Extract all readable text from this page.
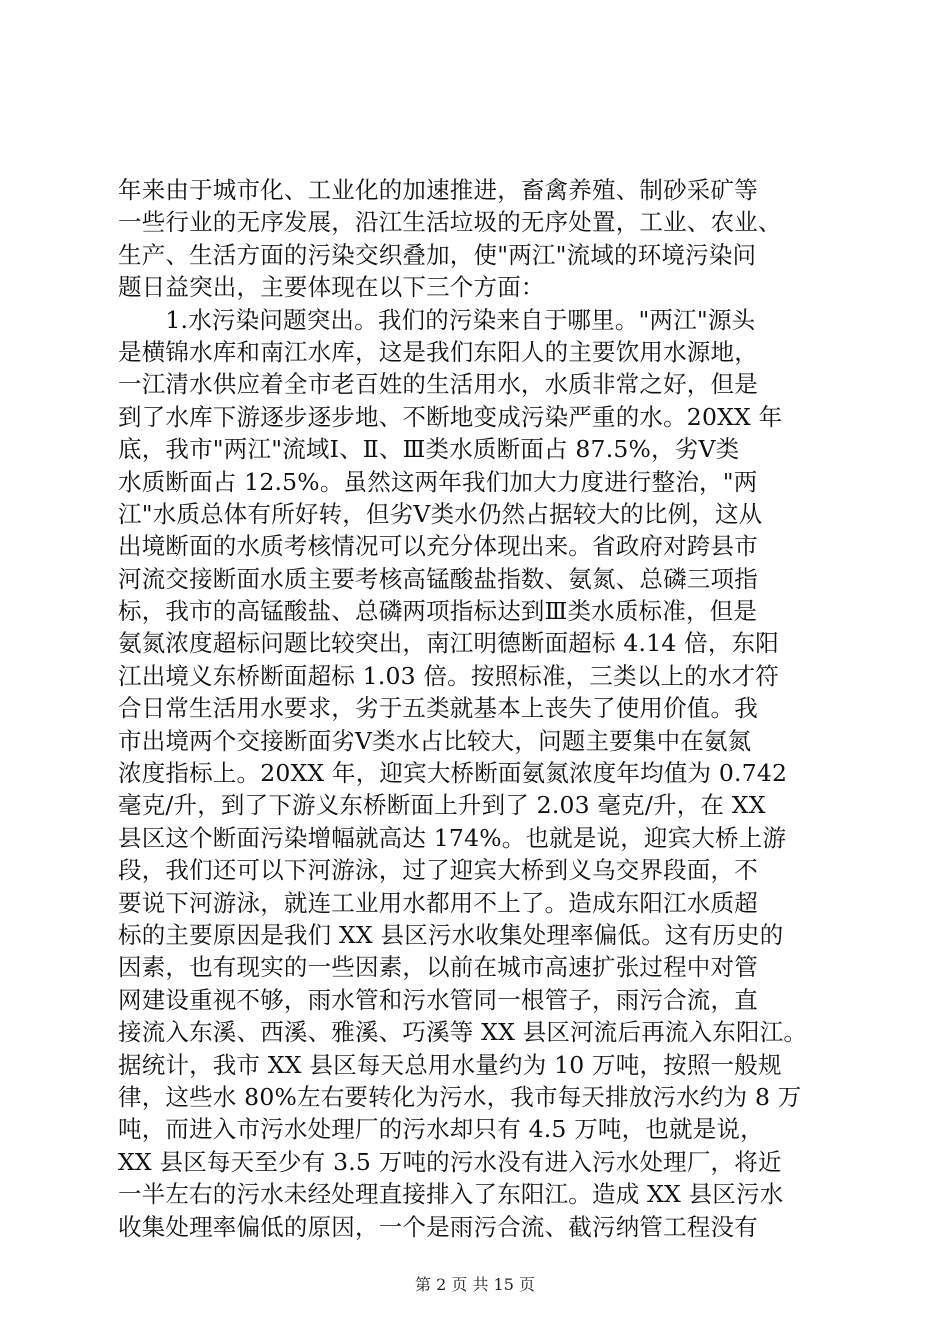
年来由于城市化、工业化的加速推进，畜禽养殖、制砂采矿等
一些行业的无序发展，沿江生活垃圾的无序处置，工业、农业、
生产、生活方面的污染交织叠加，使"两江"流域的环境污染问
题日益突出，主要体现在以下三个方面：
　　1.水污染问题突出。我们的污染来自于哪里。"两江"源头
是横锦水库和南江水库，这是我们东阳人的主要饮用水源地，
一江清水供应着全市老百姓的生活用水，水质非常之好，但是
到了水库下游逐步逐步地、不断地变成污染严重的水。20XX 年
底，我市"两江"流域Ⅰ、Ⅱ、Ⅲ类水质断面占 87.5%，劣Ⅴ类
水质断面占 12.5%。虽然这两年我们加大力度进行整治，"两
江"水质总体有所好转，但劣Ⅴ类水仍然占据较大的比例，这从
出境断面的水质考核情况可以充分体现出来。省政府对跨县市
河流交接断面水质主要考核高锰酸盐指数、氨氮、总磷三项指
标，我市的高锰酸盐、总磷两项指标达到Ⅲ类水质标准，但是
氨氮浓度超标问题比较突出，南江明德断面超标 4.14 倍，东阳
江出境义东桥断面超标 1.03 倍。按照标准，三类以上的水才符
合日常生活用水要求，劣于五类就基本上丧失了使用价值。我
市出境两个交接断面劣Ⅴ类水占比较大，问题主要集中在氨氮
浓度指标上。20XX 年，迎宾大桥断面氨氮浓度年均值为 0.742
毫克/升，到了下游义东桥断面上升到了 2.03 毫克/升，在 XX
县区这个断面污染增幅就高达 174%。也就是说，迎宾大桥上游
段，我们还可以下河游泳，过了迎宾大桥到义乌交界段面，不
要说下河游泳，就连工业用水都用不上了。造成东阳江水质超
标的主要原因是我们 XX 县区污水收集处理率偏低。这有历史的
因素，也有现实的一些因素，以前在城市高速扩张过程中对管
网建设重视不够，雨水管和污水管同一根管子，雨污合流，直
接流入东溪、西溪、雅溪、巧溪等 XX 县区河流后再流入东阳江。
据统计，我市 XX 县区每天总用水量约为 10 万吨，按照一般规
律，这些水 80%左右要转化为污水，我市每天排放污水约为 8 万
吨，而进入市污水处理厂的污水却只有 4.5 万吨，也就是说，
XX 县区每天至少有 3.5 万吨的污水没有进入污水处理厂，将近
一半左右的污水未经处理直接排入了东阳江。造成 XX 县区污水
收集处理率偏低的原因，一个是雨污合流、截污纳管工程没有
第 2 页 共 15 页
